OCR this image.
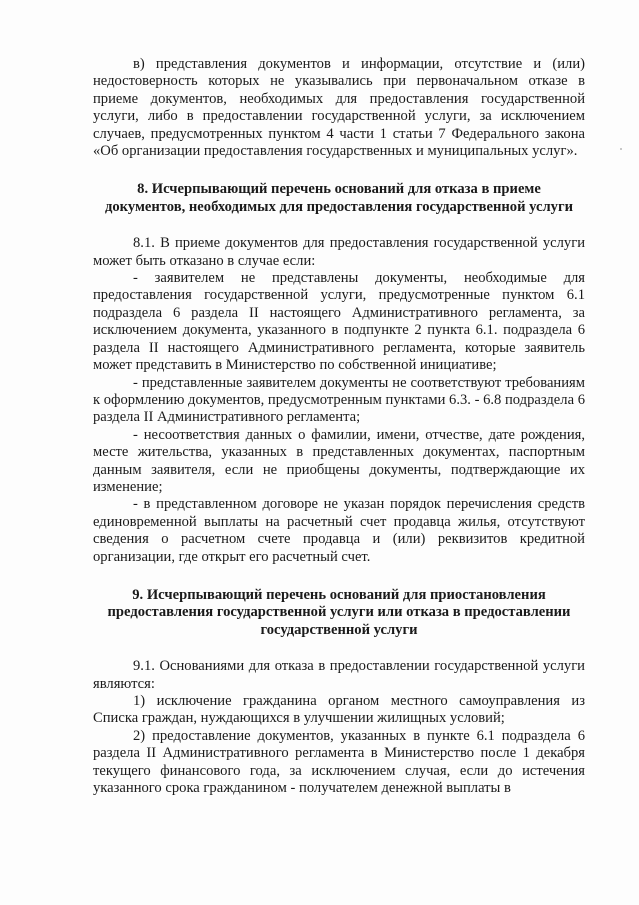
в) представления документов и информации, отсутствие и (или) недостоверность которых не указывались при первоначальном отказе в приеме документов, необходимых для предоставления государственной услуги, либо в предоставлении государственной услуги, за исключением случаев, предусмотренных пунктом 4 части 1 статьи 7 Федерального закона «Об организации предоставления государственных и муниципальных услуг».

8. Исчерпывающий перечень оснований для отказа в приеме документов, необходимых для предоставления государственной услуги

8.1. В приеме документов для предоставления государственной услуги может быть отказано в случае если:

- заявителем не представлены документы, необходимые для предоставления государственной услуги, предусмотренные пунктом 6.1 подраздела 6 раздела II настоящего Административного регламента, за исключением документа, указанного в подпункте 2 пункта 6.1. подраздела 6 раздела II настоящего Административного регламента, которые заявитель может представить в Министерство по собственной инициативе;

- представленные заявителем документы не соответствуют требованиям к оформлению документов, предусмотренным пунктами 6.3. - 6.8 подраздела 6 раздела II Административного регламента;

- несоответствия данных о фамилии, имени, отчестве, дате рождения, месте жительства, указанных в представленных документах, паспортным данным заявителя, если не приобщены документы, подтверждающие их изменение;

- в представленном договоре не указан порядок перечисления средств единовременной выплаты на расчетный счет продавца жилья, отсутствуют сведения о расчетном счете продавца и (или) реквизитов кредитной организации, где открыт его расчетный счет.

9. Исчерпывающий перечень оснований для приостановления предоставления государственной услуги или отказа в предоставлении государственной услуги

9.1. Основаниями для отказа в предоставлении государственной услуги являются:

1) исключение гражданина органом местного самоуправления из Списка граждан, нуждающихся в улучшении жилищных условий;

2) предоставление документов, указанных в пункте 6.1 подраздела 6 раздела II Административного регламента в Министерство после 1 декабря текущего финансового года, за исключением случая, если до истечения указанного срока гражданином - получателем денежной выплаты в
